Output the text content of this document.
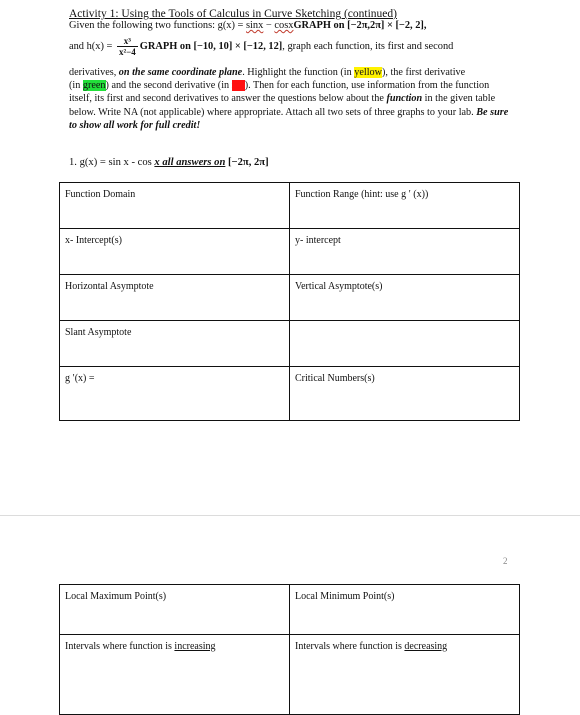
Activity 1: Using the Tools of Calculus in Curve Sketching (continued)
Given the following two functions: g(x) = sinx − cosxGRAPH on [−2π,2π] × [−2, 2],
and $h(x) = \frac{\text{x³}}{\text{x²−4}}$ GRAPH on [−10, 10] × [−12, 12], graph each function, its first and second
derivatives, on the same coordinate plane. Highlight the function (in yellow), the first derivative
(in green) and the second derivative (in red). Then for each function, use information from the function itself, its first and second derivatives to answer the questions below about the function in the given table below. Write NA (not applicable) where appropriate. Attach all two sets of three graphs to your lab. Be sure to show all work for full credit!
1. g(x) = sin x - cos x all answers on [−2π, 2π]
Function Domain	Function Range (hint: use g ′ (x))
x- Intercept(s)	y- intercept
Horizontal Asymptote	Vertical Asymptote(s)
Slant Asymptote	
g ′(x) =	Critical Numbers(s)
2
Local Maximum Point(s)	Local Minimum Point(s)
Intervals where function is increasing	Intervals where function is decreasing
